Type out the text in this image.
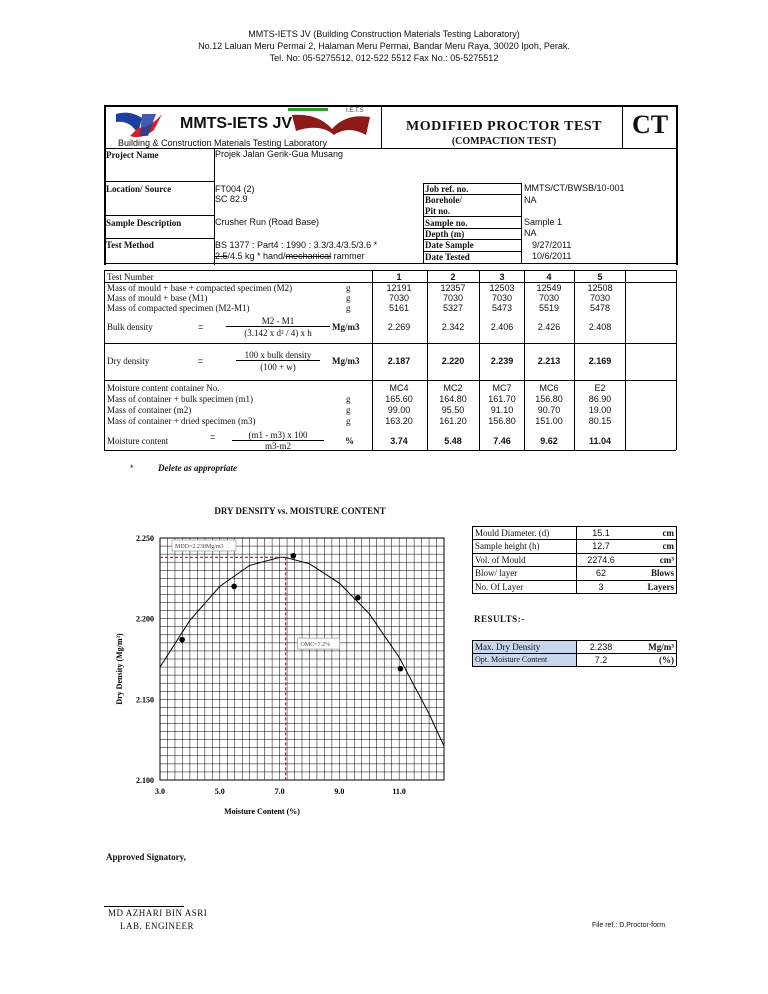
MMTS-IETS JV (Building Construction Materials Testing Laboratory)
No.12 Laluan Meru Permai 2, Halaman Meru Permai, Bandar Meru Raya, 30020 Ipoh, Perak.
Tel. No: 05-5275512, 012-522 5512 Fax No.: 05-5275512
MMTS-IETS JV
I.E.T.S
Building & Construction Materials Testing Laboratory
MODIFIED PROCTOR TEST
(COMPACTION TEST)
CT
Project Name	Projek Jalan Gerik-Gua Musang
Location/ Source	FT004 (2)
SC 82.9
Sample Description	Crusher Run (Road Base)
Test Method	BS 1377 : Part4 : 1990 : 3.3/3.4/3.5/3.6 *
2.5/4.5 kg * hand/mechanical rammer
Job ref. no.	MMTS/CT/BWSB/10-001
Borehole/	NA
Pit no.
Sample no.	Sample 1
Depth (m)	NA
Date Sample	9/27/2011
Date Tested	10/6/2011
Test Number	1	2	3	4	5
Mass of mould + base + compacted specimen (M2)	g	12191	12357	12503	12549	12508
Mass of mould + base (M1)	g	7030	7030	7030	7030	7030
Mass of compacted specimen (M2-M1)	g	5161	5327	5473	5519	5478
Bulk density	=
M2 - M1
(3.142 x d² / 4) x h
Mg/m3	2.269	2.342	2.406	2.426	2.408
Dry density	=
100 x bulk density
(100 + w)
Mg/m3	2.187	2.220	2.239	2.213	2.169
Moisture content container No.	MC4	MC2	MC7	MC6	E2
Mass of container + bulk specimen (m1)	g	165.60	164.80	161.70	156.80	86.90
Mass of container (m2)	g	99.00	95.50	91.10	90.70	19.00
Mass of container + dried specimen (m3)	g	163.20	161.20	156.80	151.00	80.15
Moisture content	=	(m1 - m3) x 100
m3-m2	%	3.74	5.48	7.46	9.62	11.04
*	Delete as appropriate
DRY DENSITY vs. MOISTURE CONTENT
3.0	5.0	7.0	9.0	11.0
2.250
2.200
2.150
2.100
Moisture Content (%)
Dry Density (Mg/m³)
MDD=2.238Mg/m3
OMC=7.2%
Mould Diameter. (d)	15.1	cm
Sample height (h)	12.7	cm
Vol. of Mould	2274.6	cm³
Blow/ layer	62	Blows
No. Of Layer	3	Layers
RESULTS:-
Max. Dry Density	2.238	Mg/m³
Opt. Moisture Content	7.2	(%)
Approved Signatory,
MD AZHARI BIN ASRI
LAB. ENGINEER	File ref.: D.Proctor-form
